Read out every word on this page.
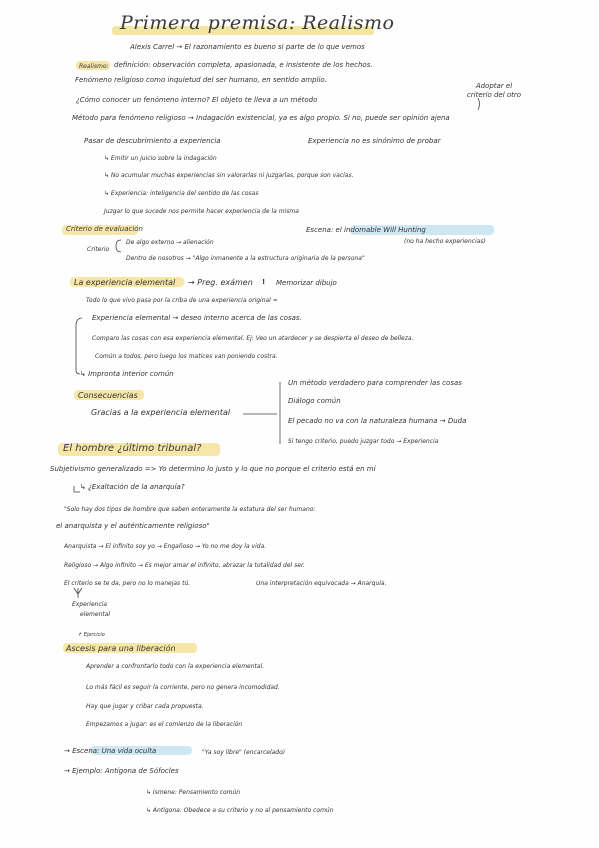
Primera premisa: Realismo
Alexis Carrel → El razonamiento es bueno si parte de lo que vemos
Realismo: definición: observación completa, apasionada, e insistente de los hechos.
Fenómeno religioso como inquietud del ser humano, en sentido amplio.
¿Cómo conocer un fenómeno interno? El objeto te lleva a un método
Adoptar el criterio del otro
Método para fenómeno religioso → Indagación existencial, ya es algo propio. Si no, puede ser opinión ajena
Pasar de descubrimiento a experiencia	Experiencia no es sinónimo de probar
↳ Emitir un juicio sobre la indagación
↳ No acumular muchas experiencias sin valorarlas ni juzgarlas, porque son vacías.
↳ Experiencia: inteligencia del sentido de las cosas
Juzgar lo que sucede nos permite hacer experiencia de la misma
Criterio de evaluación	Escena: el indomable Will Hunting
(no ha hecho experiencias)
Criterio
De algo externo → alienación
Dentro de nosotros → "Algo inmanente a la estructura originaria de la persona"
La experiencia elemental → Preg. exámen ! Memorizar dibujo
Todo lo que vivo pasa por la criba de una experiencia original ≈
Experiencia elemental → deseo interno acerca de las cosas.
Comparo las cosas con esa experiencia elemental. Ej: Veo un atardecer y se despierta el deseo de belleza.
Común a todos, pero luego los matices van poniendo costra.
↳ Impronta interior común
Consecuencias
Gracias a la experiencia elemental
Un método verdadero para comprender las cosas
Diálogo común
El pecado no va con la naturaleza humana → Duda
Si tengo criterio, puedo juzgar todo → Experiencia
El hombre ¿último tribunal?
Subjetivismo generalizado => Yo determino lo justo y lo que no porque el criterio está en mí
↳ ¿Exaltación de la anarquía?
"Solo hay dos tipos de hombre que saben enteramente la estatura del ser humano:
el anarquista y el auténticamente religioso"
Anarquista → El infinito soy yo → Engañoso → Yo no me doy la vida.
Religioso → Algo infinito → Es mejor amar el infinito, abrazar la totalidad del ser.
El criterio se te da, pero no lo manejas tú.	Una interpretación equivocada → Anarquía.
Experiencia
elemental
↱ Ejercicio
Ascesis para una liberación
Aprender a confrontarlo todo con la experiencia elemental.
Lo más fácil es seguir la corriente, pero no genera incomodidad.
Hay que jugar y cribar cada propuesta.
Empezamos a jugar: es el comienzo de la liberación
→ Escena: Una vida oculta	"Ya soy libre" (encarcelado)
→ Ejemplo: Antígona de Sófocles
↳ Ismene: Pensamiento común
↳ Antígona: Obedece a su criterio y no al pensamiento común
